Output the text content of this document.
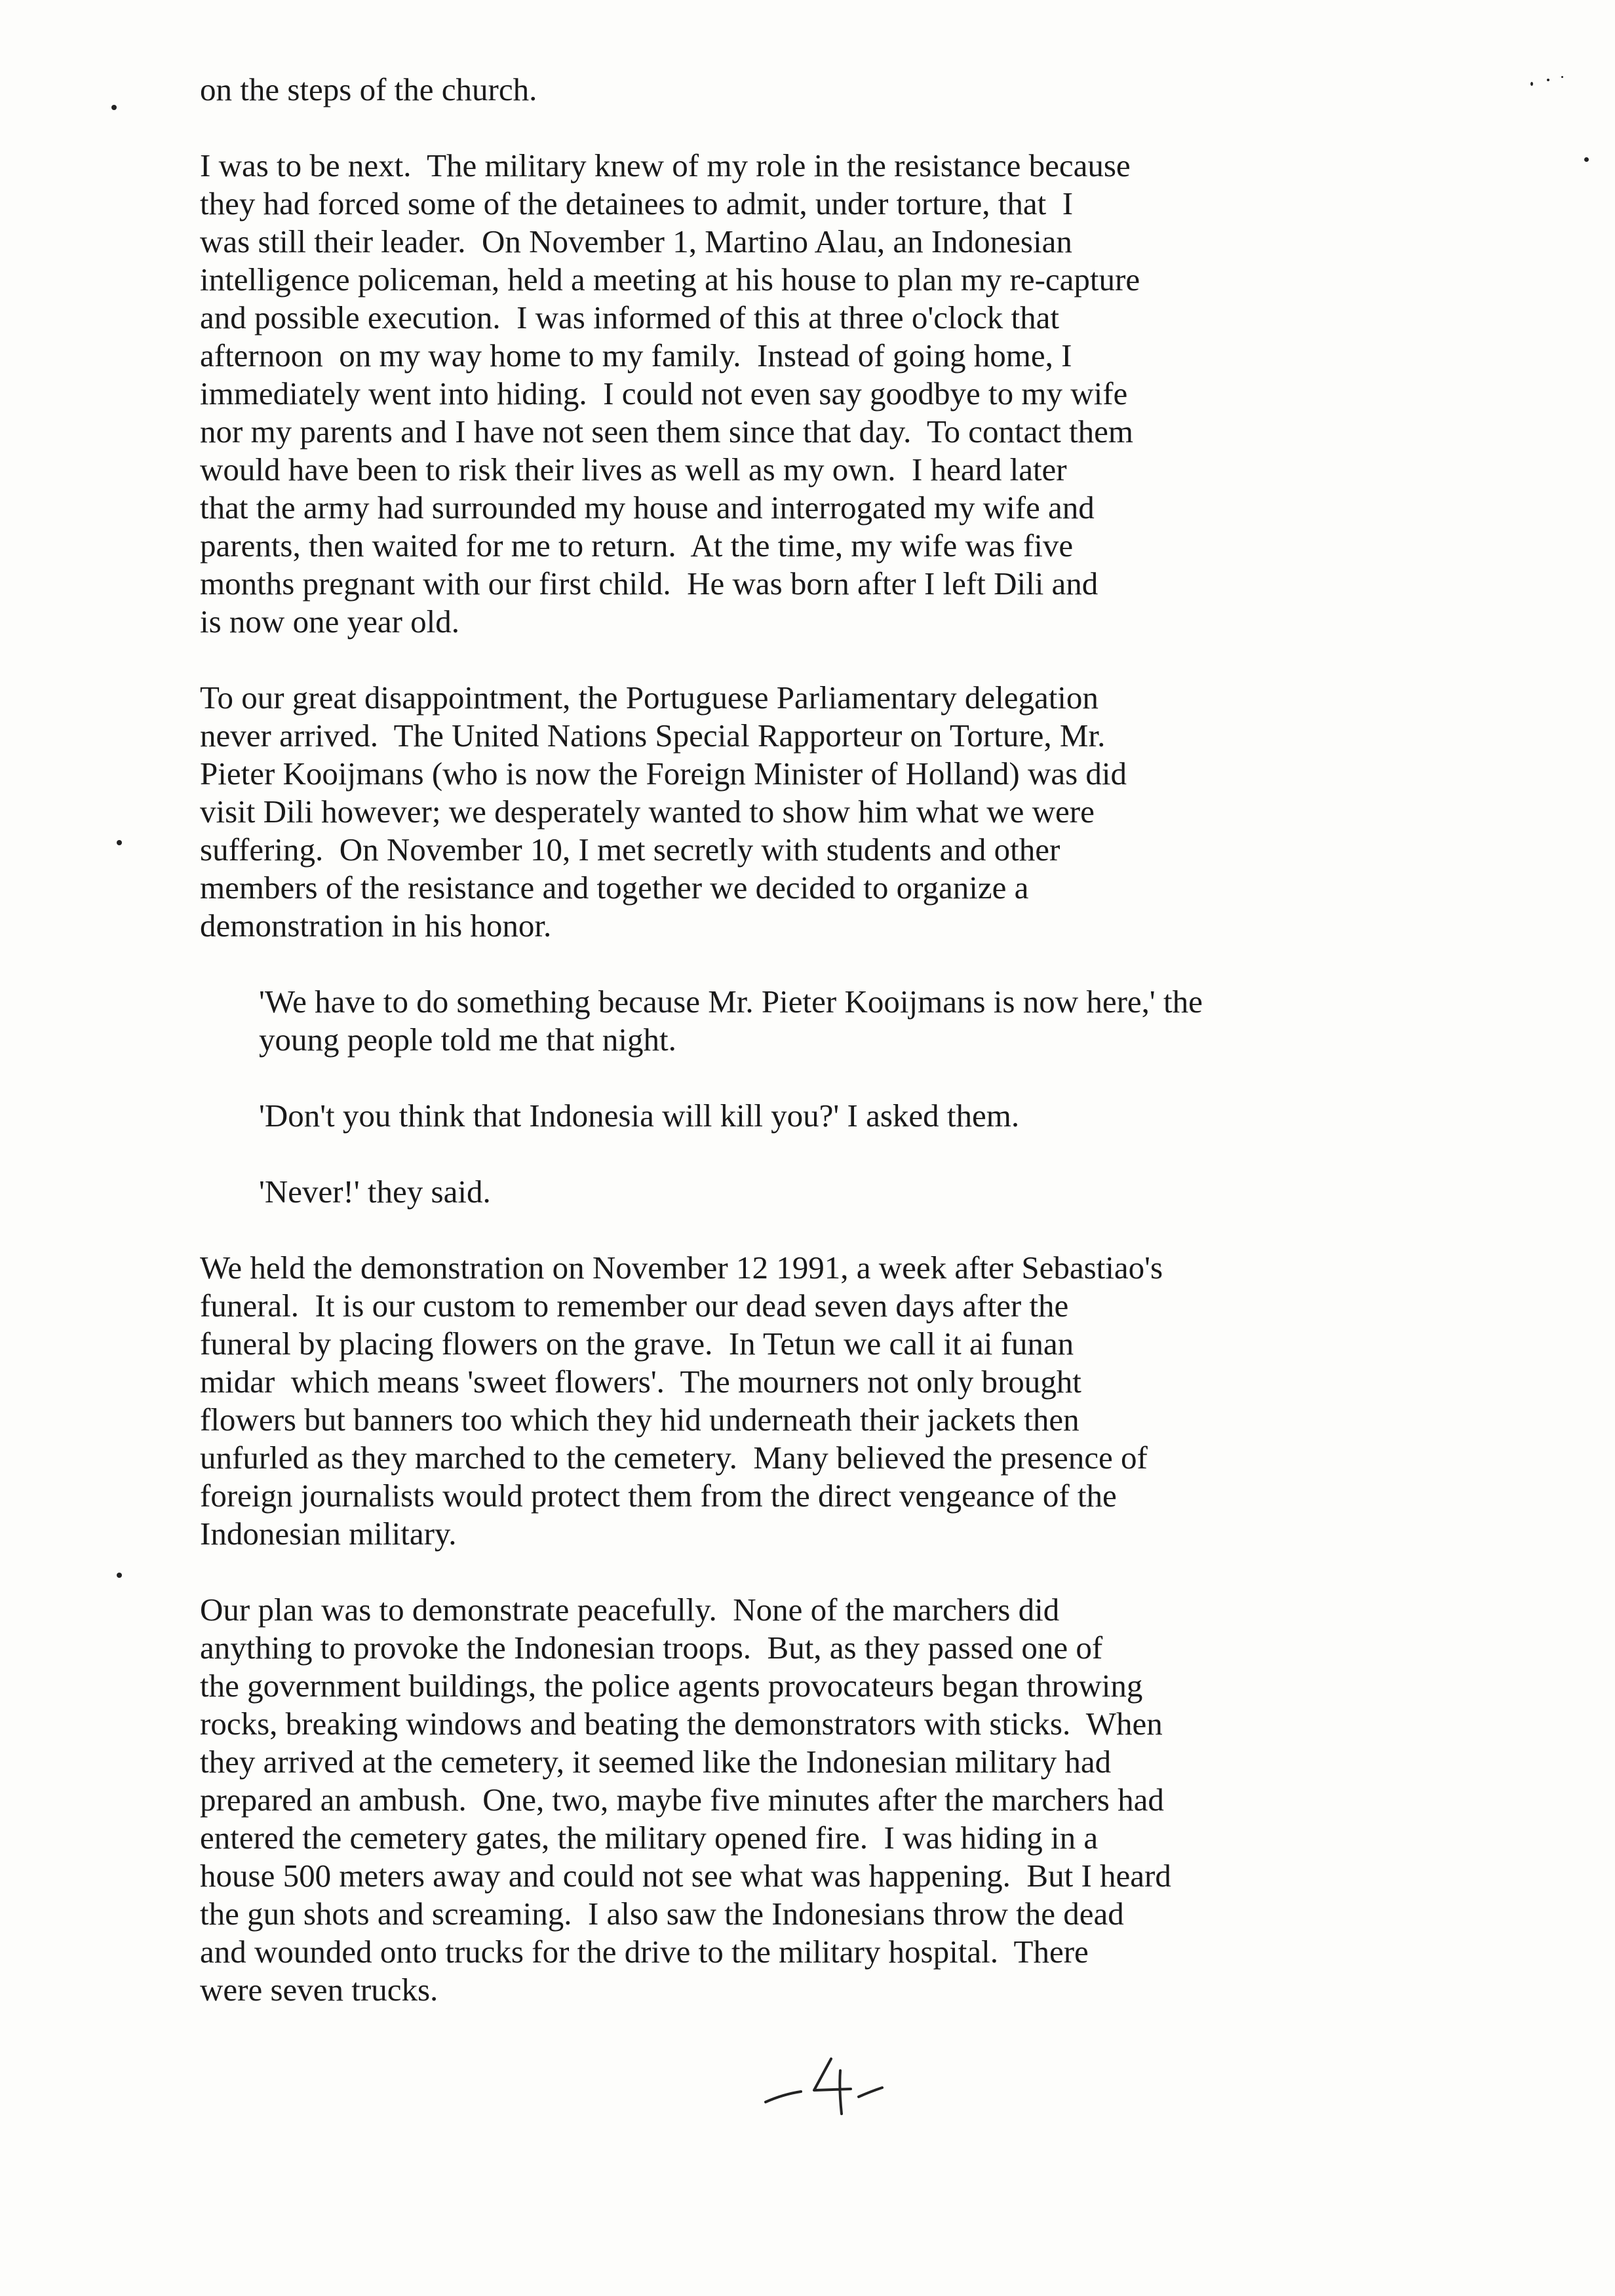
on the steps of the church.
I was to be next.  The military knew of my role in the resistance because
they had forced some of the detainees to admit, under torture, that  I
was still their leader.  On November 1, Martino Alau, an Indonesian
intelligence policeman, held a meeting at his house to plan my re-capture
and possible execution.  I was informed of this at three o'clock that
afternoon  on my way home to my family.  Instead of going home, I
immediately went into hiding.  I could not even say goodbye to my wife
nor my parents and I have not seen them since that day.  To contact them
would have been to risk their lives as well as my own.  I heard later
that the army had surrounded my house and interrogated my wife and
parents, then waited for me to return.  At the time, my wife was five
months pregnant with our first child.  He was born after I left Dili and
is now one year old.
To our great disappointment, the Portuguese Parliamentary delegation
never arrived.  The United Nations Special Rapporteur on Torture, Mr.
Pieter Kooijmans (who is now the Foreign Minister of Holland) was did
visit Dili however; we desperately wanted to show him what we were
suffering.  On November 10, I met secretly with students and other
members of the resistance and together we decided to organize a
demonstration in his honor.
'We have to do something because Mr. Pieter Kooijmans is now here,' the
young people told me that night.
'Don't you think that Indonesia will kill you?' I asked them.
'Never!' they said.
We held the demonstration on November 12 1991, a week after Sebastiao's
funeral.  It is our custom to remember our dead seven days after the
funeral by placing flowers on the grave.  In Tetun we call it ai funan
midar  which means 'sweet flowers'.  The mourners not only brought
flowers but banners too which they hid underneath their jackets then
unfurled as they marched to the cemetery.  Many believed the presence of
foreign journalists would protect them from the direct vengeance of the
Indonesian military.
Our plan was to demonstrate peacefully.  None of the marchers did
anything to provoke the Indonesian troops.  But, as they passed one of
the government buildings, the police agents provocateurs began throwing
rocks, breaking windows and beating the demonstrators with sticks.  When
they arrived at the cemetery, it seemed like the Indonesian military had
prepared an ambush.  One, two, maybe five minutes after the marchers had
entered the cemetery gates, the military opened fire.  I was hiding in a
house 500 meters away and could not see what was happening.  But I heard
the gun shots and screaming.  I also saw the Indonesians throw the dead
and wounded onto trucks for the drive to the military hospital.  There
were seven trucks.
